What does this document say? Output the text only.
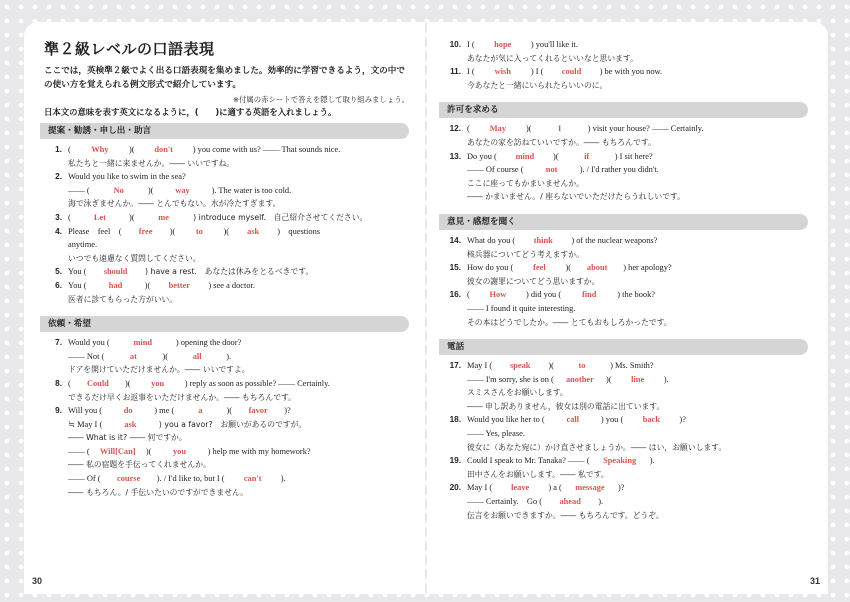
準２級レベルの口語表現

ここでは，英検準２級でよく出る口語表現を集めました。効率的に学習できるよう，文の中での使い方を覚えられる例文形式で紹介しています。

※付属の赤シートで答えを隠して取り組みましょう。

日本文の意味を表す英文になるように，(　　)に適する英語を入れましょう。

提案・勧誘・申し出・助言
1. ( Why )( don't ) you come with us? ―― That sounds nice.
私たちと一緒に来ませんか。―― いいですね。
2. Would you like to swim in the sea?
―― (	No	)( way ). The water is too cold.
海で泳ぎませんか。―― とんでもない。水が冷たすぎます。
3. ( Let )(	me	) introduce myself.　自己紹介させてください。
4. Please　feel　( free )( to )( ask )　questions
anytime.
いつでも遠慮なく質問してください。
5. You ( should ) have a rest.　あなたは休みをとるべきです。
6. You ( had )( better ) see a doctor.
医者に診てもらった方がいい。
依頼・希望
7. Would you (	mind	) opening the door?
―― Not (	at	)(	all	).
ドアを開けていただけませんか。―― いいですよ。
8. ( Could )( you ) reply as soon as possible? ―― Certainly.
できるだけ早くお返事をいただけませんか。―― もちろんです。
9. Will you ( do ) me (	a	)( favor )?
≒ May I ( ask	) you a favor?　お願いがあるのですが。
―― What is it? ―― 何ですか。
―― ( Will[Can] )( you ) help me with my homework?
―― 私の宿題を手伝ってくれませんか。
―― Of ( course ). / I'd like to, but I ( can't ).
―― もちろん。/ 手伝いたいのですができません。
30
10. I ( hope ) you'll like it.
あなたが気に入ってくれるといいなと思います。
11. I ( wish ) I ( could ) be with you now.
今あなたと一緒にいられたらいいのに。
許可を求める
12. ( May )(	I	) visit your house? ―― Certainly.
あなたの家を訪ねていいですか。―― もちろんです。
13. Do you ( mind )(	if	) I sit here?
―― Of course ( not ). / I'd rather you didn't.
ここに座ってもかまいませんか。
―― かまいません。/ 座らないでいただけたらうれしいです。
意見・感想を聞く
14. What do you ( think ) of the nuclear weapons?
核兵器についてどう考えますか。
15. How do you ( feel )( about ) her apology?
彼女の謝罪についてどう思いますか。
16. ( How ) did you ( find ) the book?
―― I found it quite interesting.
その本はどうでしたか。―― とてもおもしろかったです。
電話
17. May I ( speak )(	to	) Ms. Smith?
―― I'm sorry, she is on ( another )( line ).
スミスさんをお願いします。
―― 申し訳ありません，彼女は別の電話に出ています。
18. Would you like her to ( call ) you ( back )?
―― Yes, please.
彼女に（あなた宛に）かけ直させましょうか。―― はい，お願いします。
19. Could I speak to Mr. Tanaka? ―― ( Speaking ).
田中さんをお願いします。―― 私です。
20. May I ( leave ) a ( message )?
―― Certainly.　Go ( ahead ).
伝言をお願いできますか。―― もちろんです。どうぞ。
31
